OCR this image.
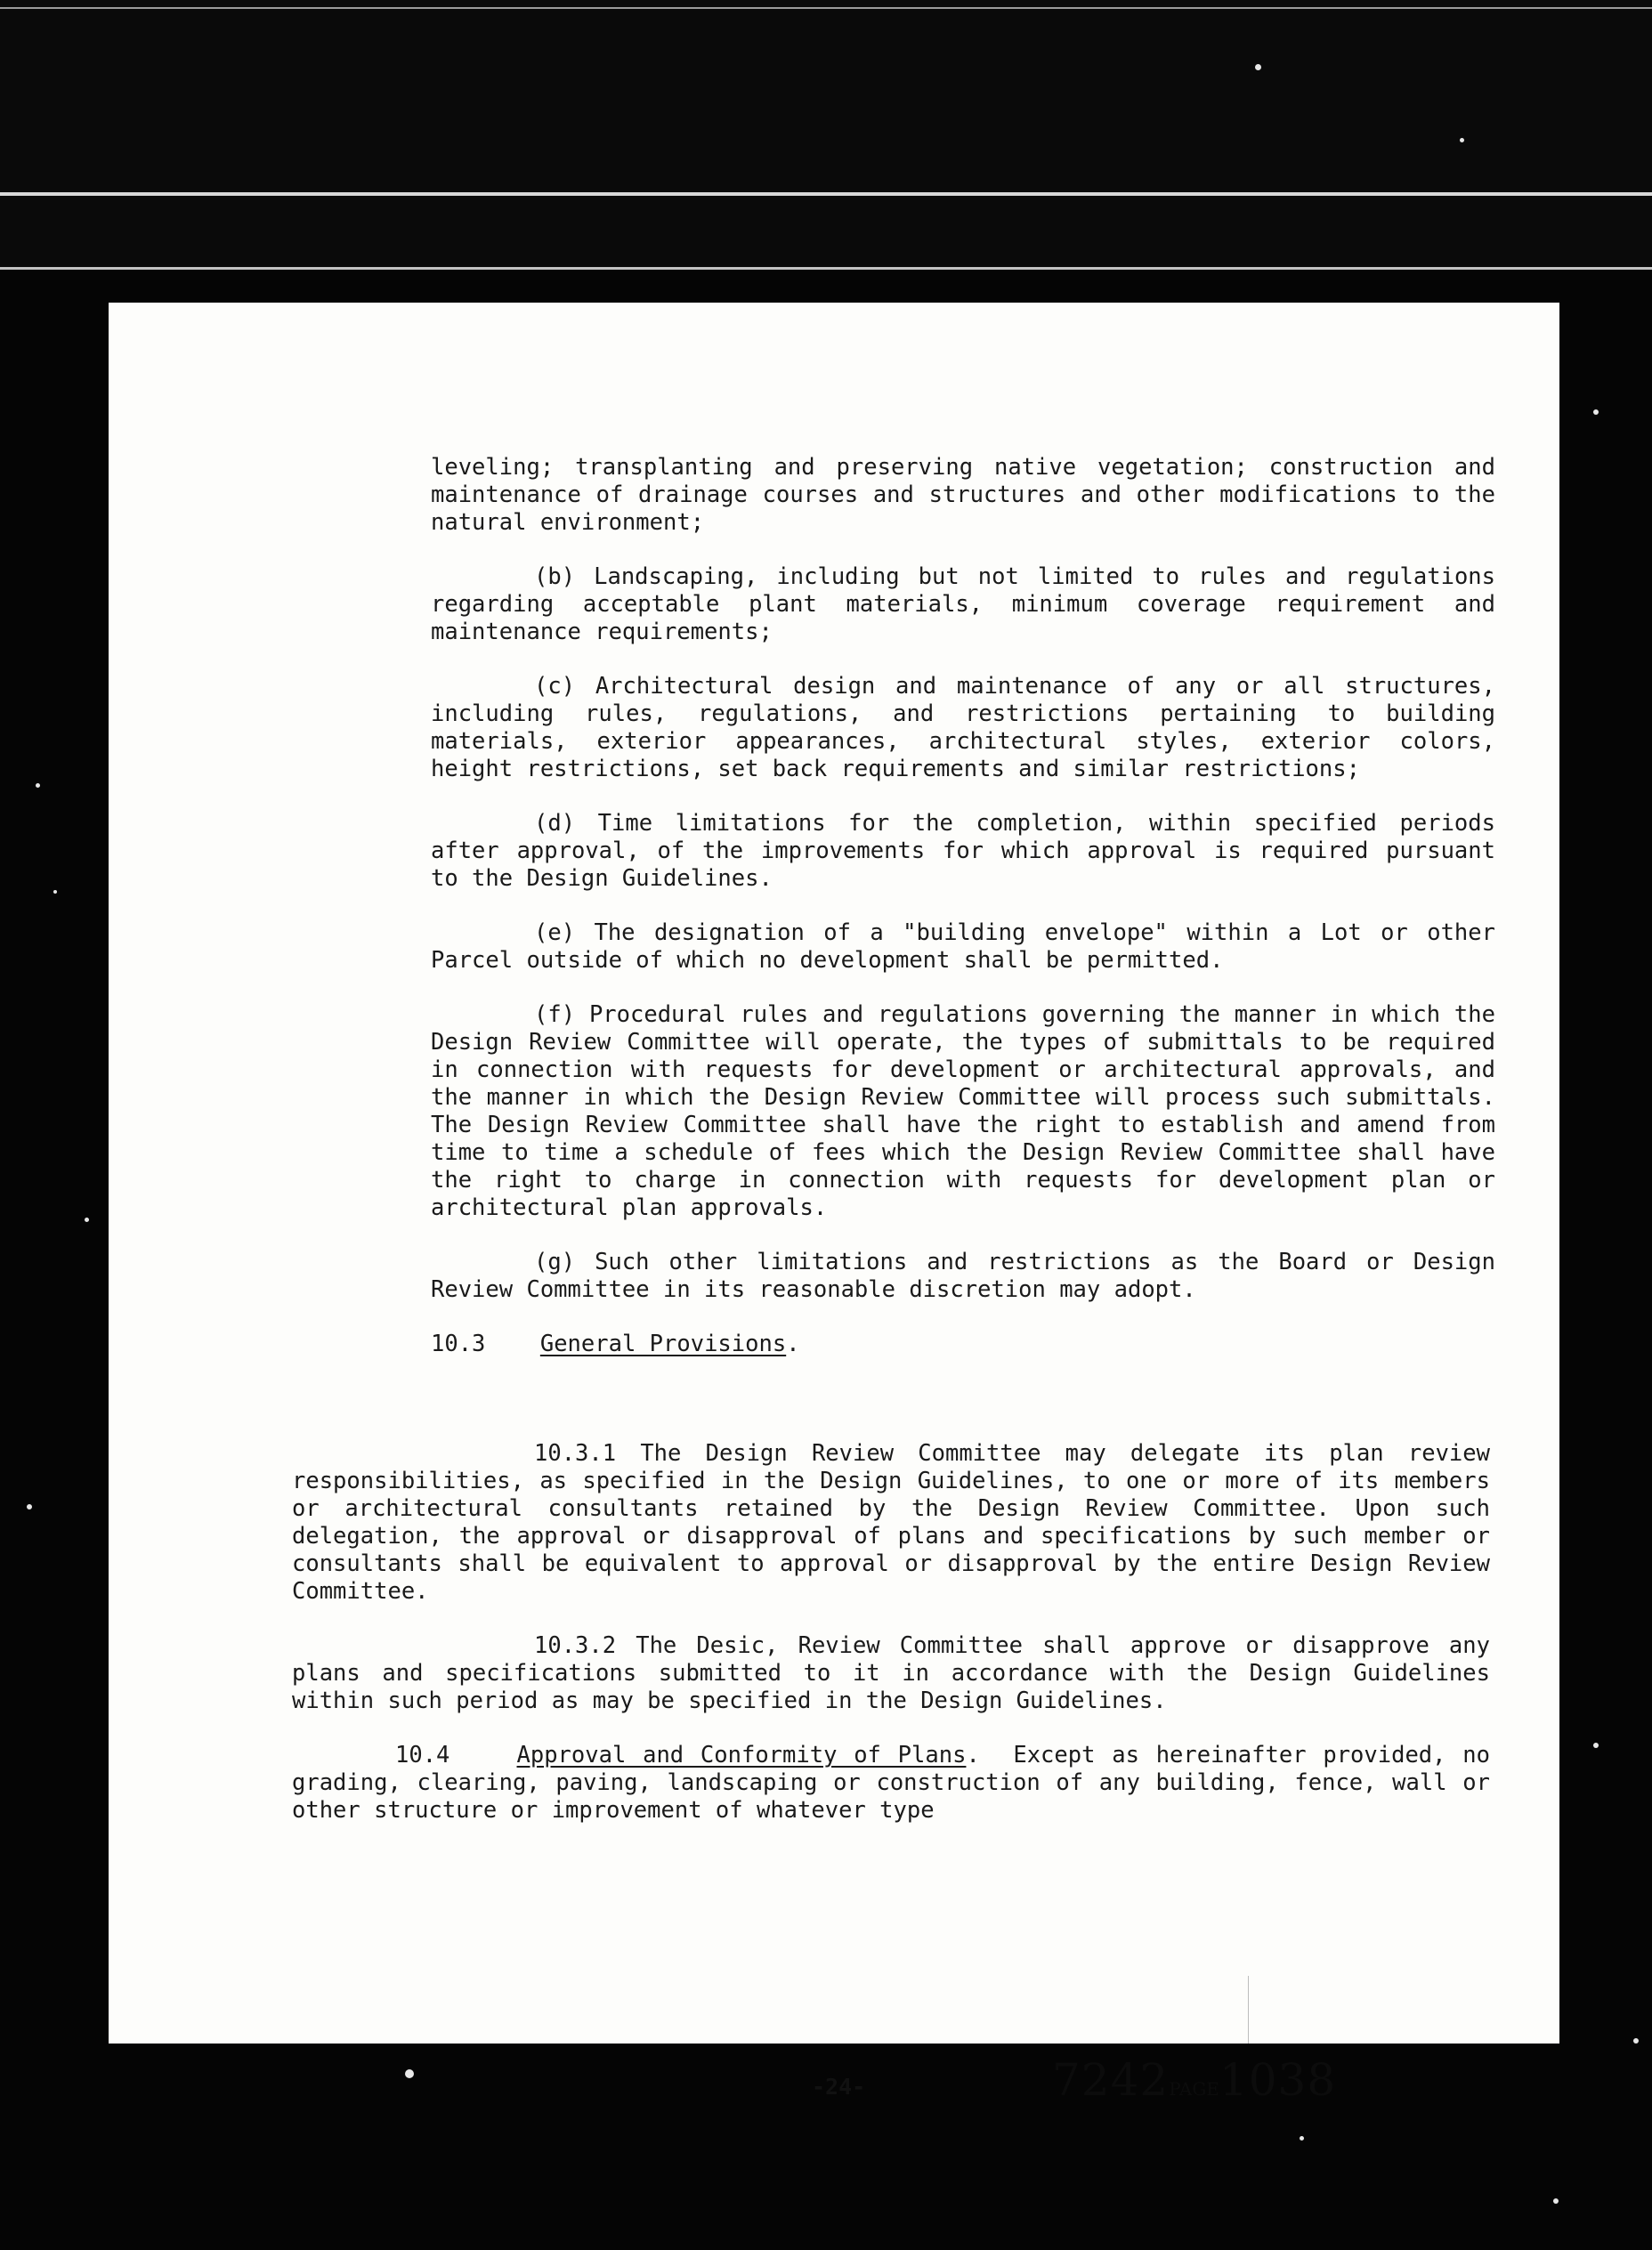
leveling; transplanting and preserving native vegetation; construction and maintenance of drainage courses and structures and other modifications to the natural environment;

(b) Landscaping, including but not limited to rules and regulations regarding acceptable plant materials, minimum coverage requirement and maintenance requirements;

(c) Architectural design and maintenance of any or all structures, including rules, regulations, and restrictions pertaining to building materials, exterior appearances, architectural styles, exterior colors, height restrictions, set back requirements and similar restrictions;

(d) Time limitations for the completion, within specified periods after approval, of the improvements for which approval is required pursuant to the Design Guidelines.

(e) The designation of a "building envelope" within a Lot or other Parcel outside of which no development shall be permitted.

(f) Procedural rules and regulations governing the manner in which the Design Review Committee will operate, the types of submittals to be required in connection with requests for development or architectural approvals, and the manner in which the Design Review Committee will process such submittals. The Design Review Committee shall have the right to establish and amend from time to time a schedule of fees which the Design Review Committee shall have the right to charge in connection with requests for development plan or architectural plan approvals.

(g) Such other limitations and restrictions as the Board or Design Review Committee in its reasonable discretion may adopt.

10.3 General Provisions.

10.3.1 The Design Review Committee may delegate its plan review responsibilities, as specified in the Design Guidelines, to one or more of its members or architectural consultants retained by the Design Review Committee. Upon such delegation, the approval or disapproval of plans and specifications by such member or consultants shall be equivalent to approval or disapproval by the entire Design Review Committee.

10.3.2 The Desic, Review Committee shall approve or disapprove any plans and specifications submitted to it in accordance with the Design Guidelines within such period as may be specified in the Design Guidelines.

10.4	Approval and Conformity of Plans. Except as hereinafter provided, no grading, clearing, paving, landscaping or construction of any building, fence, wall or other structure or improvement of whatever type

-24-	7242PAGE1038
